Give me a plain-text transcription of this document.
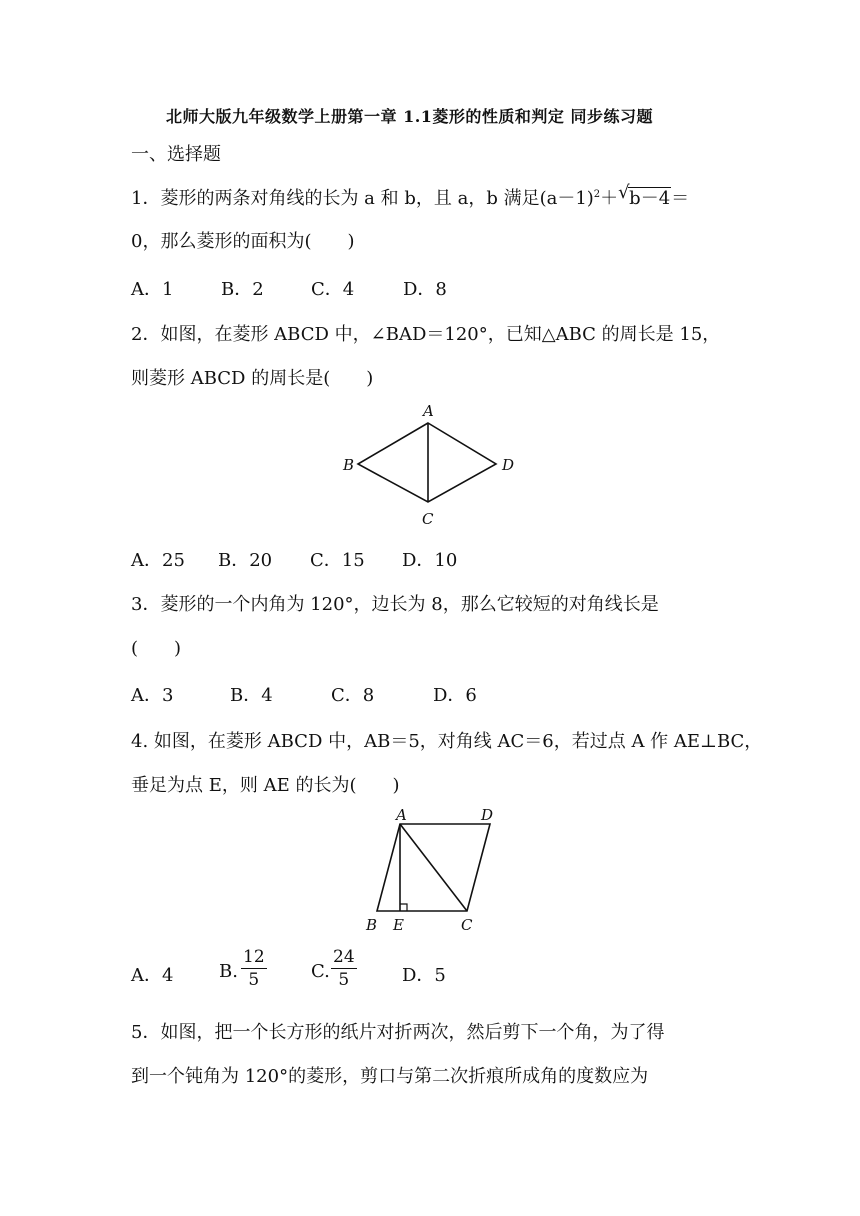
北师大版九年级数学上册第一章 1.1菱形的性质和判定 同步练习题
一、选择题
1．菱形的两条对角线的长为 a 和 b，且 a，b 满足$(a-1)^2+$ √ b－4＝
0，那么菱形的面积为(　　)
A．1	B．2	C．4	D．8
2．如图，在菱形 ABCD 中，∠BAD＝120°，已知△ABC 的周长是 15，
则菱形 ABCD 的周长是(　　)
A
B
C
D
A．25 B．20 C．15 D．10
3．菱形的一个内角为 120°，边长为 8，那么它较短的对角线长是
(　　)
A．3	B．4	C．8	D．6
4. 如图，在菱形 ABCD 中，AB＝5，对角线 AC＝6，若过点 A 作 AE⊥BC，
垂足为点 E，则 AE 的长为(　　)
A	D
B E	C
A．4	B. $\frac{12}{5} C$. $\frac{24}{5}$	D．5
5．如图，把一个长方形的纸片对折两次，然后剪下一个角，为了得
到一个钝角为 120°的菱形，剪口与第二次折痕所成角的度数应为
